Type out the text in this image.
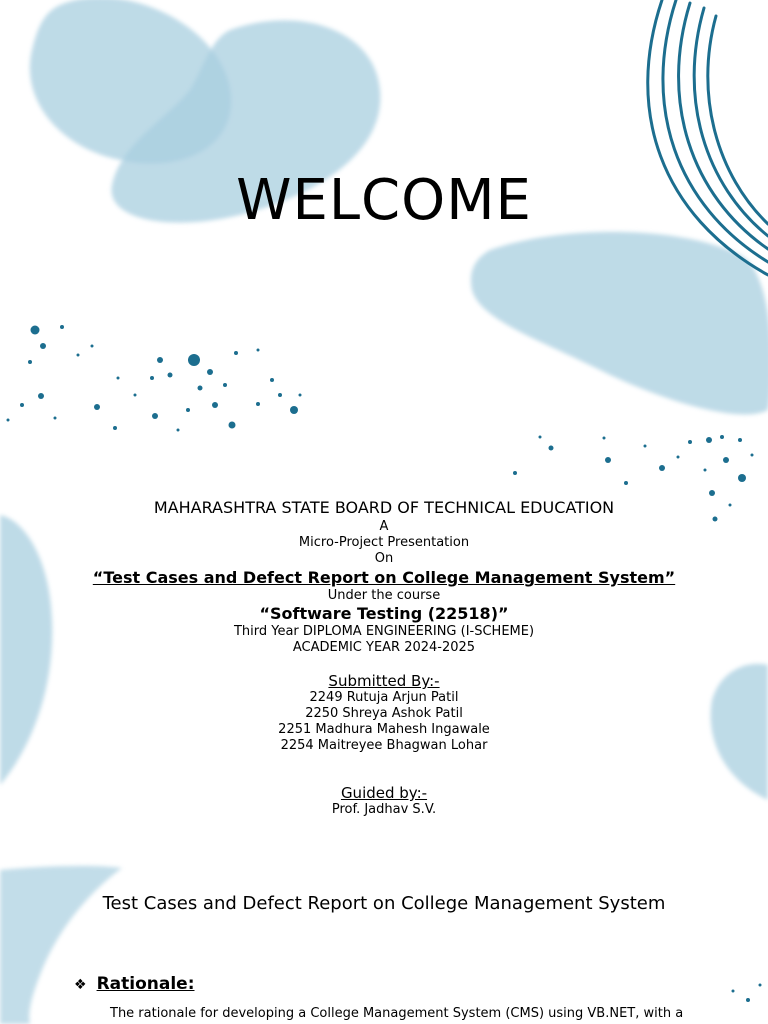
WELCOME
MAHARASHTRA STATE BOARD OF TECHNICAL EDUCATION
A
Micro-Project Presentation
On
“Test Cases and Defect Report on College Management System”
Under the course
“Software Testing (22518)”
Third Year DIPLOMA ENGINEERING (I-SCHEME)
ACADEMIC YEAR 2024-2025
Submitted By:-
2249 Rutuja Arjun Patil
2250 Shreya Ashok Patil
2251 Madhura Mahesh Ingawale
2254 Maitreyee Bhagwan Lohar
Guided by:-
Prof. Jadhav S.V.
Test Cases and Defect Report on College Management System
❖ Rationale:
The rationale for developing a College Management System (CMS) using VB.NET, with a
